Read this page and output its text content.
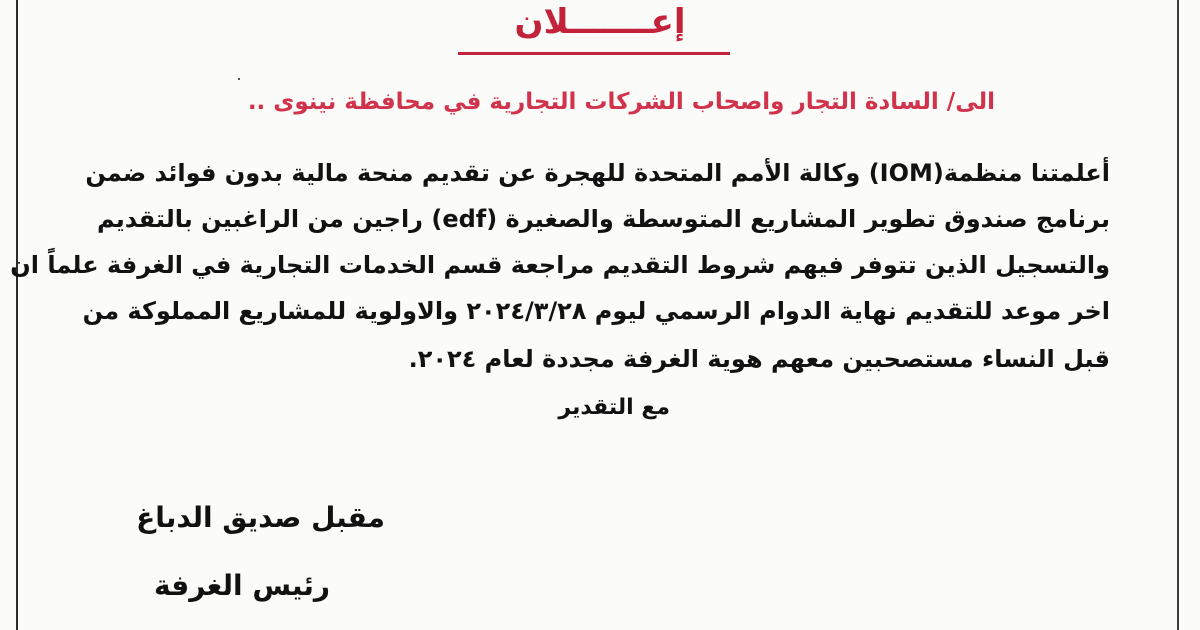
إعـــــــلان
الى/ السادة التجار واصحاب الشركات التجارية في محافظة نينوى ..
أعلمتنا منظمة(IOM) وكالة الأمم المتحدة للهجرة عن تقديم منحة مالية بدون فوائد ضمن
برنامج صندوق تطوير المشاريع المتوسطة والصغيرة (edf) راجين من الراغبين بالتقديم
والتسجيل الذين تتوفر فيهم شروط التقديم مراجعة قسم الخدمات التجارية في الغرفة علماً ان
اخر موعد للتقديم نهاية الدوام الرسمي ليوم ٢٠٢٤/٣/٢٨ والاولوية للمشاريع المملوكة من
قبل النساء مستصحبين معهم هوية الغرفة مجددة لعام ٢٠٢٤.
مع التقدير
مقبل صديق الدباغ
رئيس الغرفة
